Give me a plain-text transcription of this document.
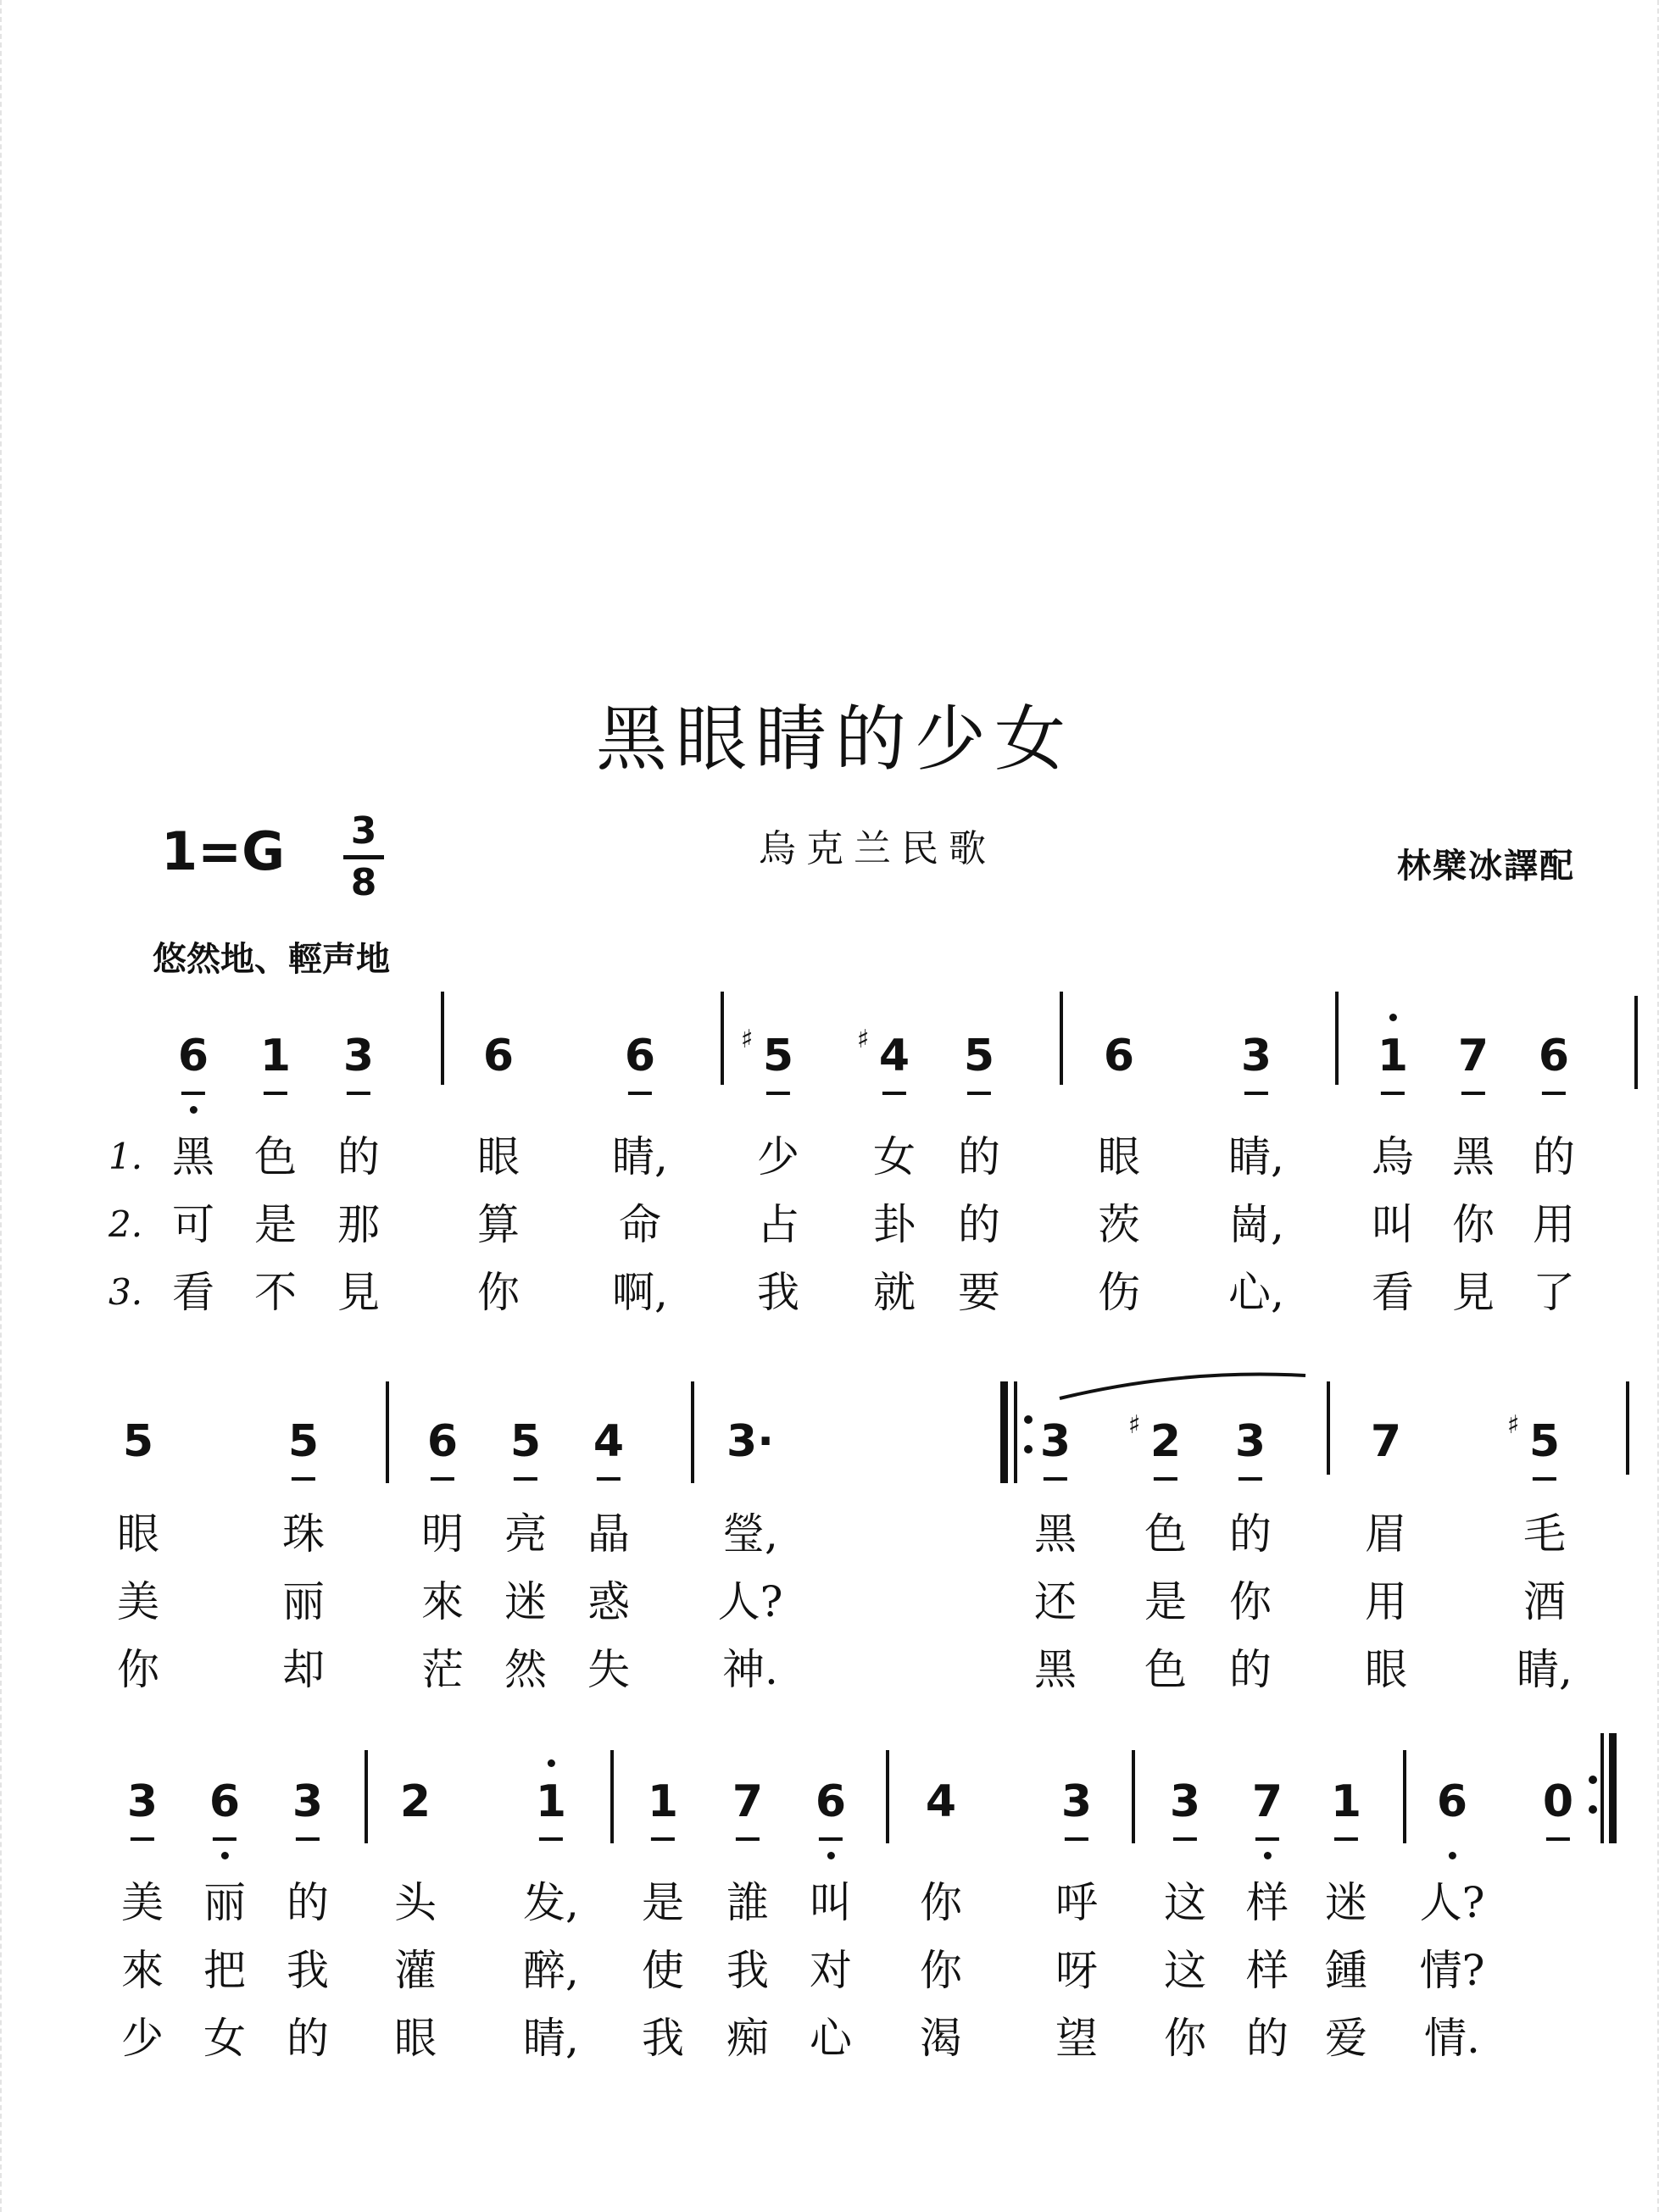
黑眼睛的少女
1=G 3
8
烏克兰民歌	林檗冰譯配
悠然地、輕声地
6 1 3 6	6 5
♯	4
♯ 5 6 3 1 7 6
黑 色 的 眼 睛, 少 女 的 眼 睛, 烏 黑 的
可 是 那 算 命 占 卦 的 茨 崗, 叫 你 用
看 不 見 你 啊, 我 就 要 伤 心, 看 見 了
5	5 6 5 4 3·	3 2
♯ 3 7	5
♯
眼	珠 明 亮 晶 瑩,	黑 色 的 眉	毛
美	丽 來 迷 惑 人?	还 是 你 用	酒
你	却 茫 然 失 神.	黑 色 的 眼	睛,
3 6 3 2 1 1 7 6 4 3 3 7 1 6 0
美 丽 的 头 发, 是 誰 叫 你 呼 这 样 迷 人?
來 把 我 灌 醉, 使 我 对 你 呀 这 样 鍾 情?
少 女 的 眼 睛, 我 痴 心 渴 望 你 的 爱 情.
1.
2.
3.
